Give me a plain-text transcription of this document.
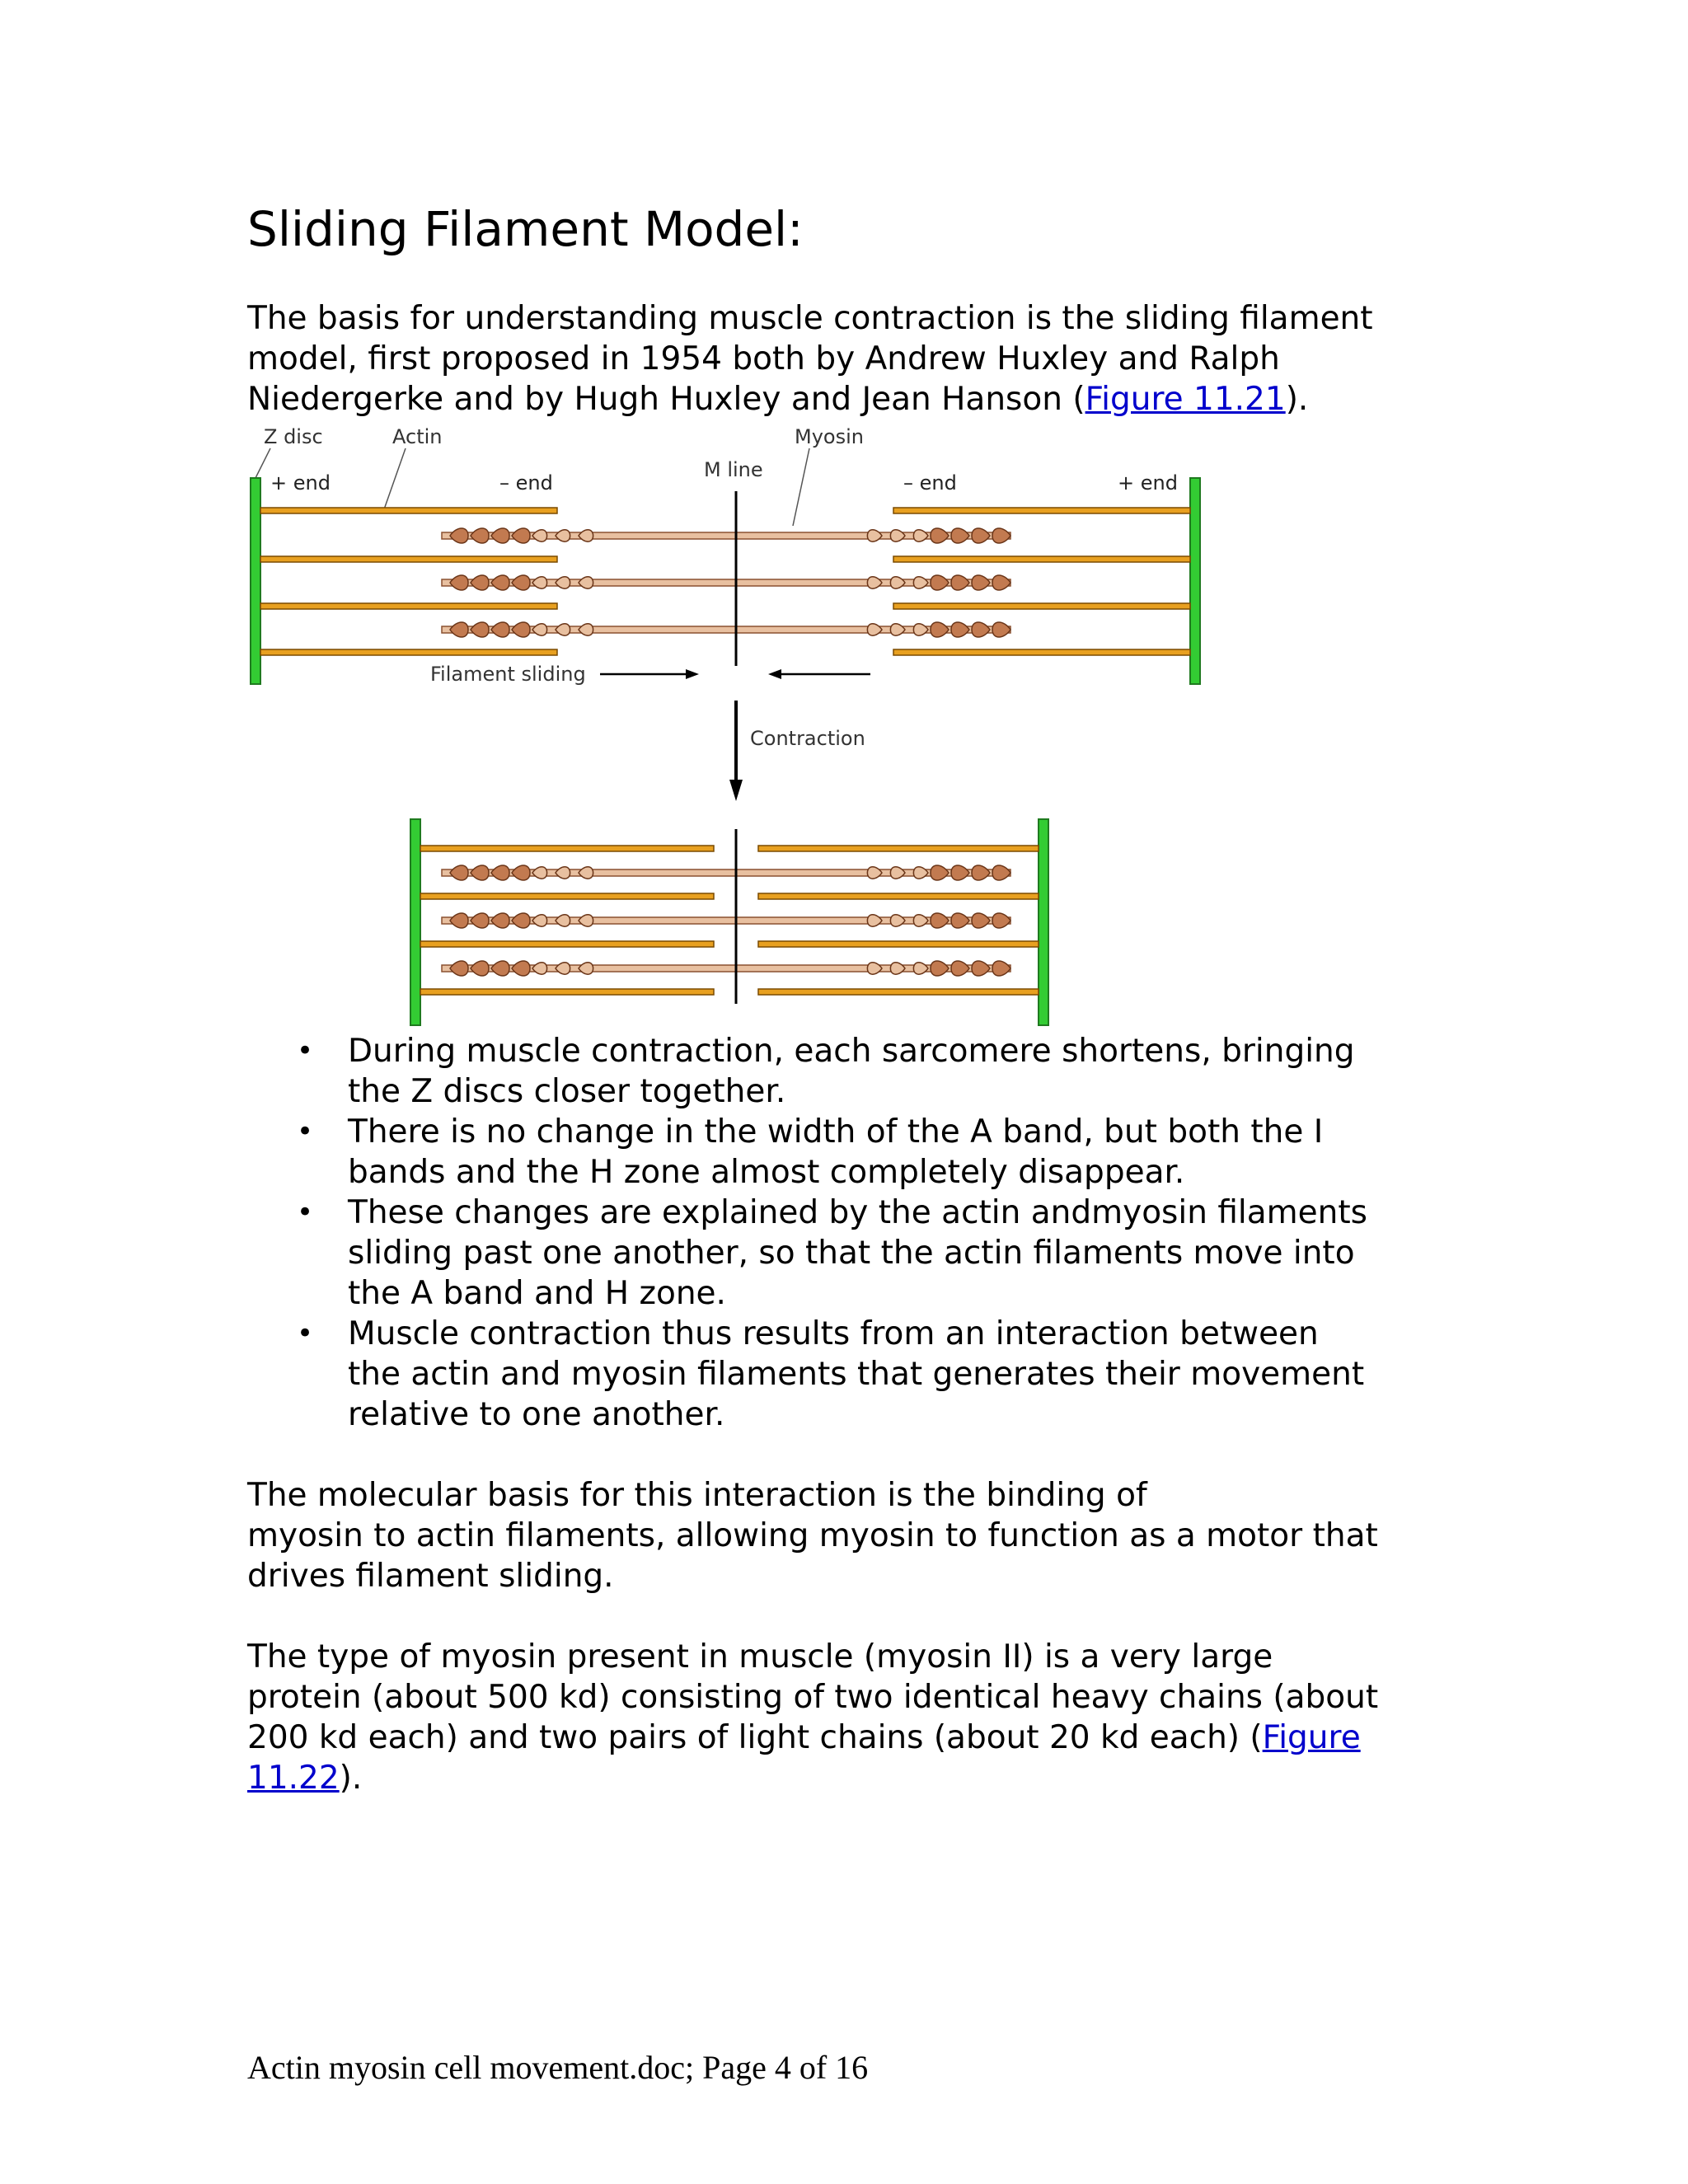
Sliding Filament Model:

The basis for understanding muscle contraction is the sliding filament
model, first proposed in 1954 both by Andrew Huxley and Ralph
Niedergerke and by Hugh Huxley and Jean Hanson (Figure 11.21).

Z disc	Actin	Myosin
M line
+ end	– end	– end	+ end
Filament sliding
Contraction
• During muscle contraction, each sarcomere shortens, bringing
the Z discs closer together.
• There is no change in the width of the A band, but both the I
bands and the H zone almost completely disappear.
• These changes are explained by the actin andmyosin filaments
sliding past one another, so that the actin filaments move into
the A band and H zone.
• Muscle contraction thus results from an interaction between
the actin and myosin filaments that generates their movement
relative to one another.

The molecular basis for this interaction is the binding of
myosin to actin filaments, allowing myosin to function as a motor that
drives filament sliding.

The type of myosin present in muscle (myosin II) is a very large
protein (about 500 kd) consisting of two identical heavy chains (about
200 kd each) and two pairs of light chains (about 20 kd each) (Figure
11.22).

Actin myosin cell movement.doc; Page 4 of 16
